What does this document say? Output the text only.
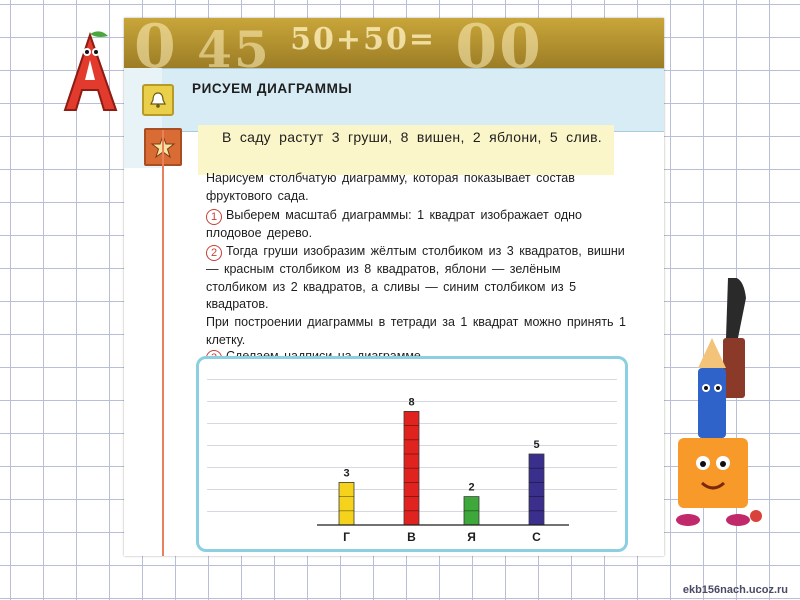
0 45 $^{50+50=}$ 00
РИСУЕМ ДИАГРАММЫ
В саду растут 3 груши, 8 вишен, 2 яблони, 5 слив.
Нарисуем столбчатую диаграмму, которая показывает состав фруктового сада.
1 Выберем масштаб диаграммы: 1 квадрат изображает одно плодовое дерево.
2 Тогда груши изобразим жёлтым столбиком из 3 квадратов, вишни — красным столбиком из 8 квадратов, яблони — зелёным столбиком из 2 квадратов, а сливы — синим столбиком из 5 квадратов.
При построении диаграммы в тетради за 1 квадрат можно принять 1 клетку.
3
Г
8
В
2
Я
5
С
ekb156nach.ucoz.ru
